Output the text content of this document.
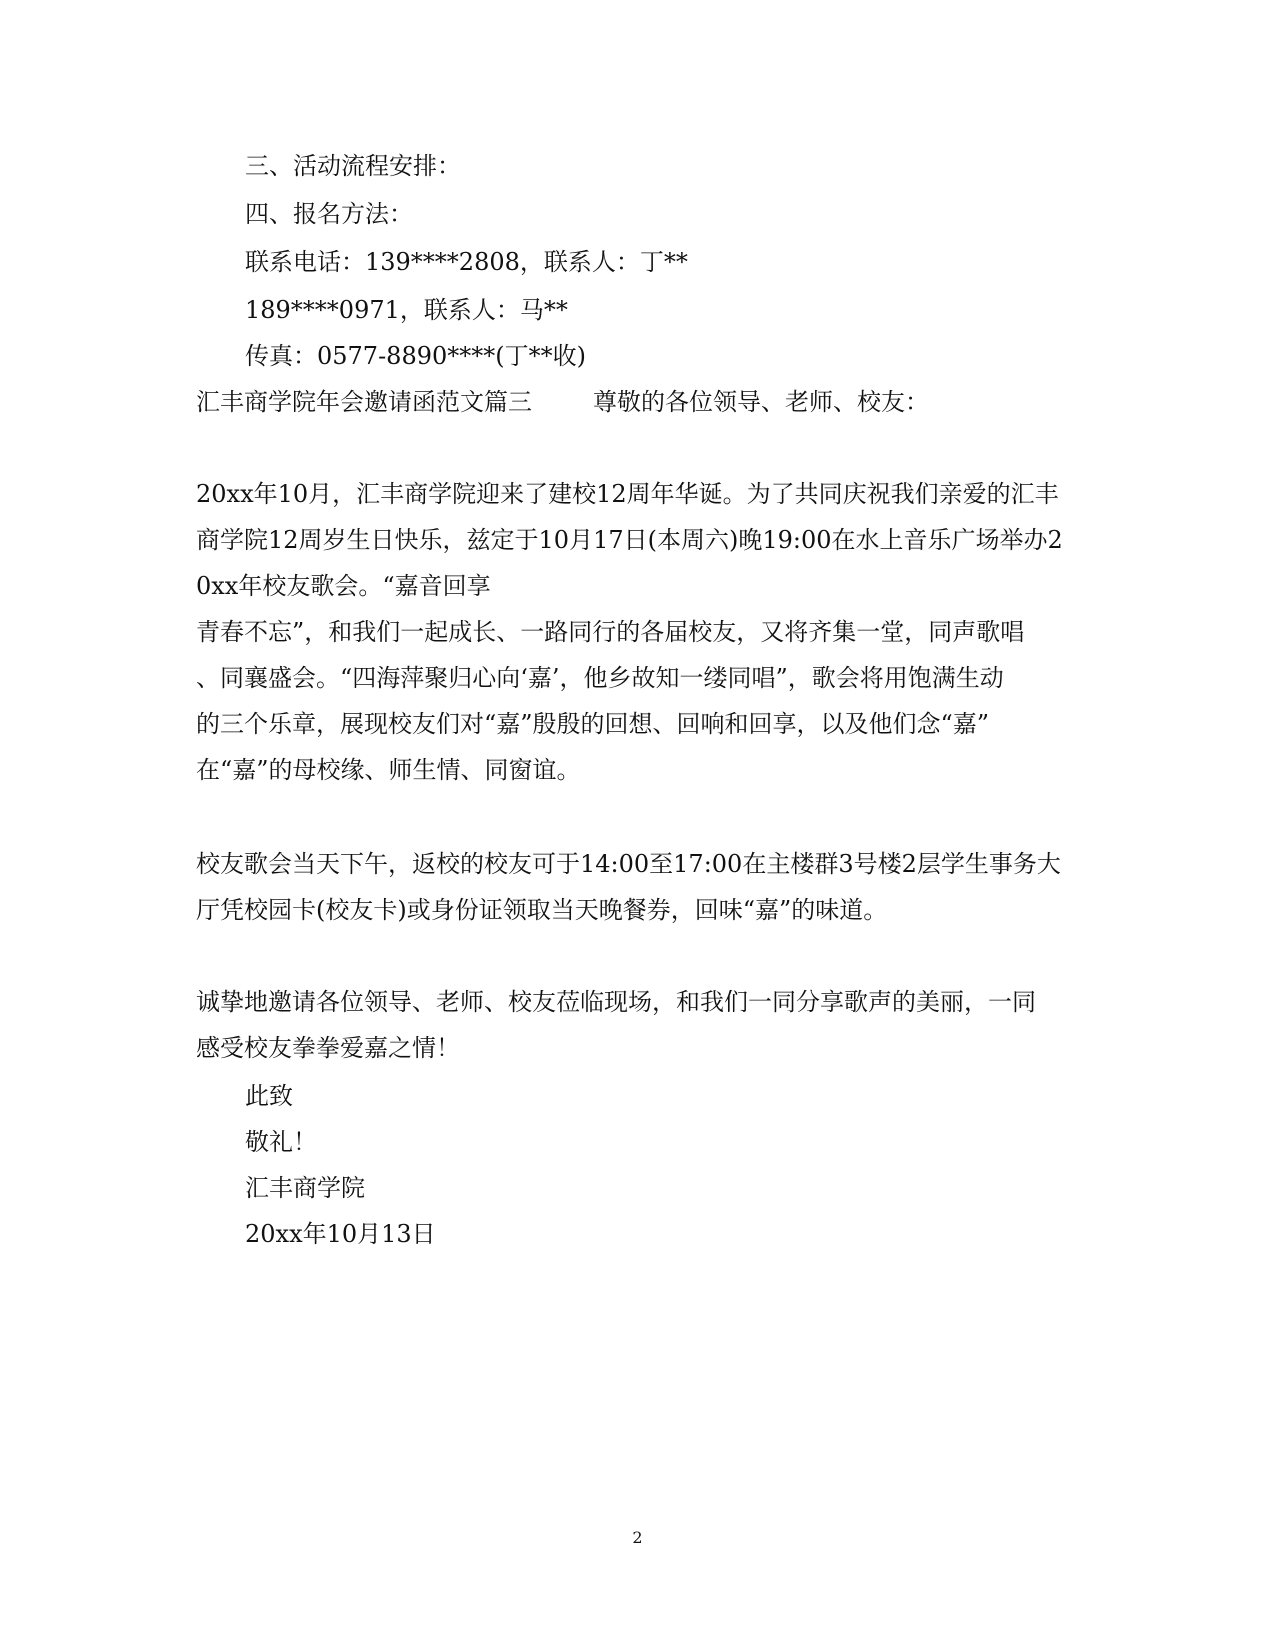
三、活动流程安排：

四、报名方法：

联系电话：139****2808，联系人：丁**

189****0971，联系人：马**

传真：0577-8890****(丁**收)

汇丰商学院年会邀请函范文篇三        尊敬的各位领导、老师、校友：

20xx年10月，汇丰商学院迎来了建校12周年华诞。为了共同庆祝我们亲爱的汇丰

商学院12周岁生日快乐，兹定于10月17日(本周六)晚19:00在水上音乐广场举办2

0xx年校友歌会。“嘉音回享

青春不忘”，和我们一起成长、一路同行的各届校友，又将齐集一堂，同声歌唱

、同襄盛会。“四海萍聚归心向‘嘉’，他乡故知一缕同唱”，歌会将用饱满生动

的三个乐章，展现校友们对“嘉”殷殷的回想、回响和回享，以及他们念“嘉”

在“嘉”的母校缘、师生情、同窗谊。

校友歌会当天下午，返校的校友可于14:00至17:00在主楼群3号楼2层学生事务大

厅凭校园卡(校友卡)或身份证领取当天晚餐券，回味“嘉”的味道。

诚挚地邀请各位领导、老师、校友莅临现场，和我们一同分享歌声的美丽，一同

感受校友拳拳爱嘉之情！

此致

敬礼！

汇丰商学院

20xx年10月13日

2
